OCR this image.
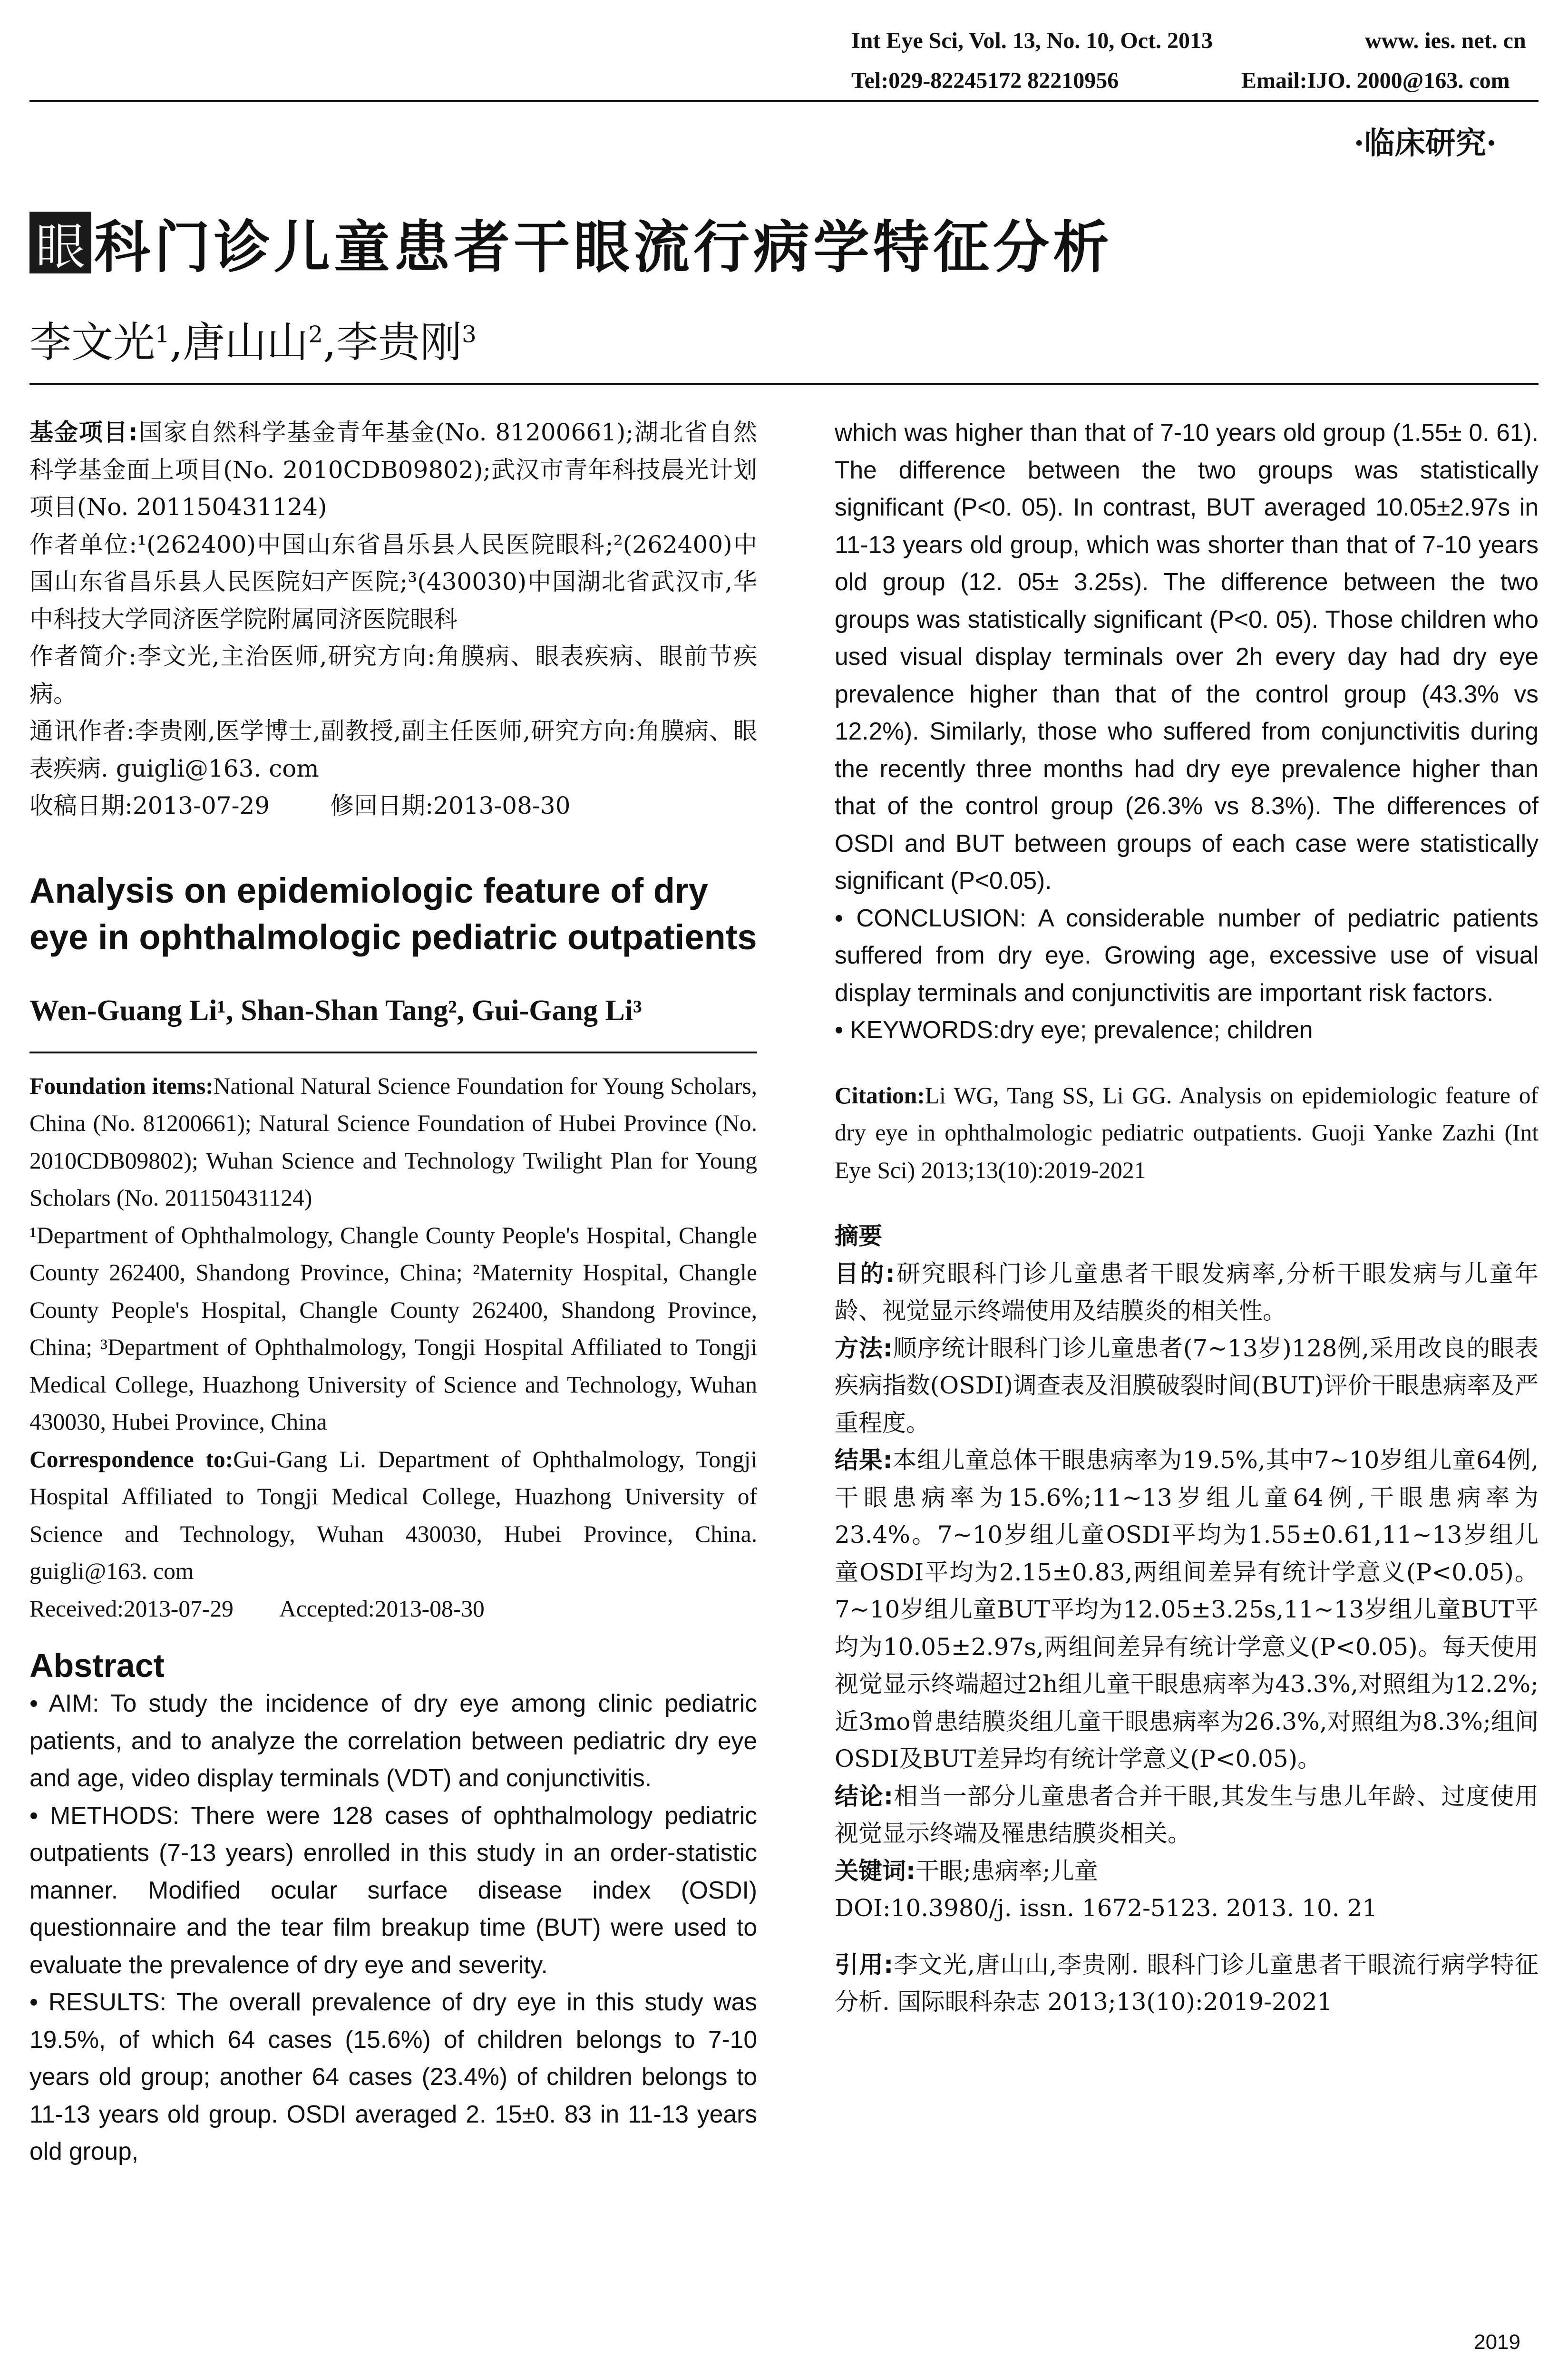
Int Eye Sci, Vol. 13, No. 10, Oct. 2013	www. ies. net. cn
Tel:029-82245172 82210956	Email:IJO. 2000@163. com
·临床研究·
眼 科门诊儿童患者干眼流行病学特征分析
李文光$^1$,唐山山$^2$,李贵刚$^3$

基金项目:国家自然科学基金青年基金(No. 81200661);湖北省自然科学基金面上项目(No. 2010CDB09802);武汉市青年科技晨光计划项目(No. 201150431124)

作者单位:¹(262400)中国山东省昌乐县人民医院眼科;²(262400)中国山东省昌乐县人民医院妇产医院;³(430030)中国湖北省武汉市,华中科技大学同济医学院附属同济医院眼科

作者简介:李文光,主治医师,研究方向:角膜病、眼表疾病、眼前节疾病。

通讯作者:李贵刚,医学博士,副教授,副主任医师,研究方向:角膜病、眼表疾病. guigli@163. com

收稿日期:2013-07-29        修回日期:2013-08-30

Analysis on epidemiologic feature of dry eye in ophthalmologic pediatric outpatients

Wen-Guang Li¹, Shan-Shan Tang², Gui-Gang Li³

Foundation items:National Natural Science Foundation for Young Scholars, China (No. 81200661); Natural Science Foundation of Hubei Province (No. 2010CDB09802); Wuhan Science and Technology Twilight Plan for Young Scholars (No. 201150431124)

¹Department of Ophthalmology, Changle County People's Hospital, Changle County 262400, Shandong Province, China; ²Maternity Hospital, Changle County People's Hospital, Changle County 262400, Shandong Province, China; ³Department of Ophthalmology, Tongji Hospital Affiliated to Tongji Medical College, Huazhong University of Science and Technology, Wuhan 430030, Hubei Province, China

Correspondence to:Gui-Gang Li. Department of Ophthalmology, Tongji Hospital Affiliated to Tongji Medical College, Huazhong University of Science and Technology, Wuhan 430030, Hubei Province, China. guigli@163. com

Received:2013-07-29        Accepted:2013-08-30

Abstract

• AIM: To study the incidence of dry eye among clinic pediatric patients, and to analyze the correlation between pediatric dry eye and age, video display terminals (VDT) and conjunctivitis.

• METHODS: There were 128 cases of ophthalmology pediatric outpatients (7-13 years) enrolled in this study in an order-statistic manner. Modified ocular surface disease index (OSDI) questionnaire and the tear film breakup time (BUT) were used to evaluate the prevalence of dry eye and severity.

• RESULTS: The overall prevalence of dry eye in this study was 19.5%, of which 64 cases (15.6%) of children belongs to 7-10 years old group; another 64 cases (23.4%) of children belongs to 11-13 years old group. OSDI averaged 2. 15±0. 83 in 11-13 years old group,

which was higher than that of 7-10 years old group (1.55± 0. 61). The difference between the two groups was statistically significant (P<0. 05). In contrast, BUT averaged 10.05±2.97s in 11-13 years old group, which was shorter than that of 7-10 years old group (12. 05± 3.25s). The difference between the two groups was statistically significant (P<0. 05). Those children who used visual display terminals over 2h every day had dry eye prevalence higher than that of the control group (43.3% vs 12.2%). Similarly, those who suffered from conjunctivitis during the recently three months had dry eye prevalence higher than that of the control group (26.3% vs 8.3%). The differences of OSDI and BUT between groups of each case were statistically significant (P<0.05).

• CONCLUSION: A considerable number of pediatric patients suffered from dry eye. Growing age, excessive use of visual display terminals and conjunctivitis are important risk factors.

• KEYWORDS:dry eye; prevalence; children

Citation:Li WG, Tang SS, Li GG. Analysis on epidemiologic feature of dry eye in ophthalmologic pediatric outpatients. Guoji Yanke Zazhi (Int Eye Sci) 2013;13(10):2019-2021

摘要

目的:研究眼科门诊儿童患者干眼发病率,分析干眼发病与儿童年龄、视觉显示终端使用及结膜炎的相关性。

方法:顺序统计眼科门诊儿童患者(7~13岁)128例,采用改良的眼表疾病指数(OSDI)调查表及泪膜破裂时间(BUT)评价干眼患病率及严重程度。

结果:本组儿童总体干眼患病率为19.5%,其中7~10岁组儿童64例,干眼患病率为15.6%;11~13岁组儿童64例,干眼患病率为23.4%。7~10岁组儿童OSDI平均为1.55±0.61,11~13岁组儿童OSDI平均为2.15±0.83,两组间差异有统计学意义(P<0.05)。7~10岁组儿童BUT平均为12.05±3.25s,11~13岁组儿童BUT平均为10.05±2.97s,两组间差异有统计学意义(P<0.05)。每天使用视觉显示终端超过2h组儿童干眼患病率为43.3%,对照组为12.2%;近3mo曾患结膜炎组儿童干眼患病率为26.3%,对照组为8.3%;组间OSDI及BUT差异均有统计学意义(P<0.05)。

结论:相当一部分儿童患者合并干眼,其发生与患儿年龄、过度使用视觉显示终端及罹患结膜炎相关。

关键词:干眼;患病率;儿童

DOI:10.3980/j. issn. 1672-5123. 2013. 10. 21

引用:李文光,唐山山,李贵刚. 眼科门诊儿童患者干眼流行病学特征分析. 国际眼科杂志 2013;13(10):2019-2021

2019
